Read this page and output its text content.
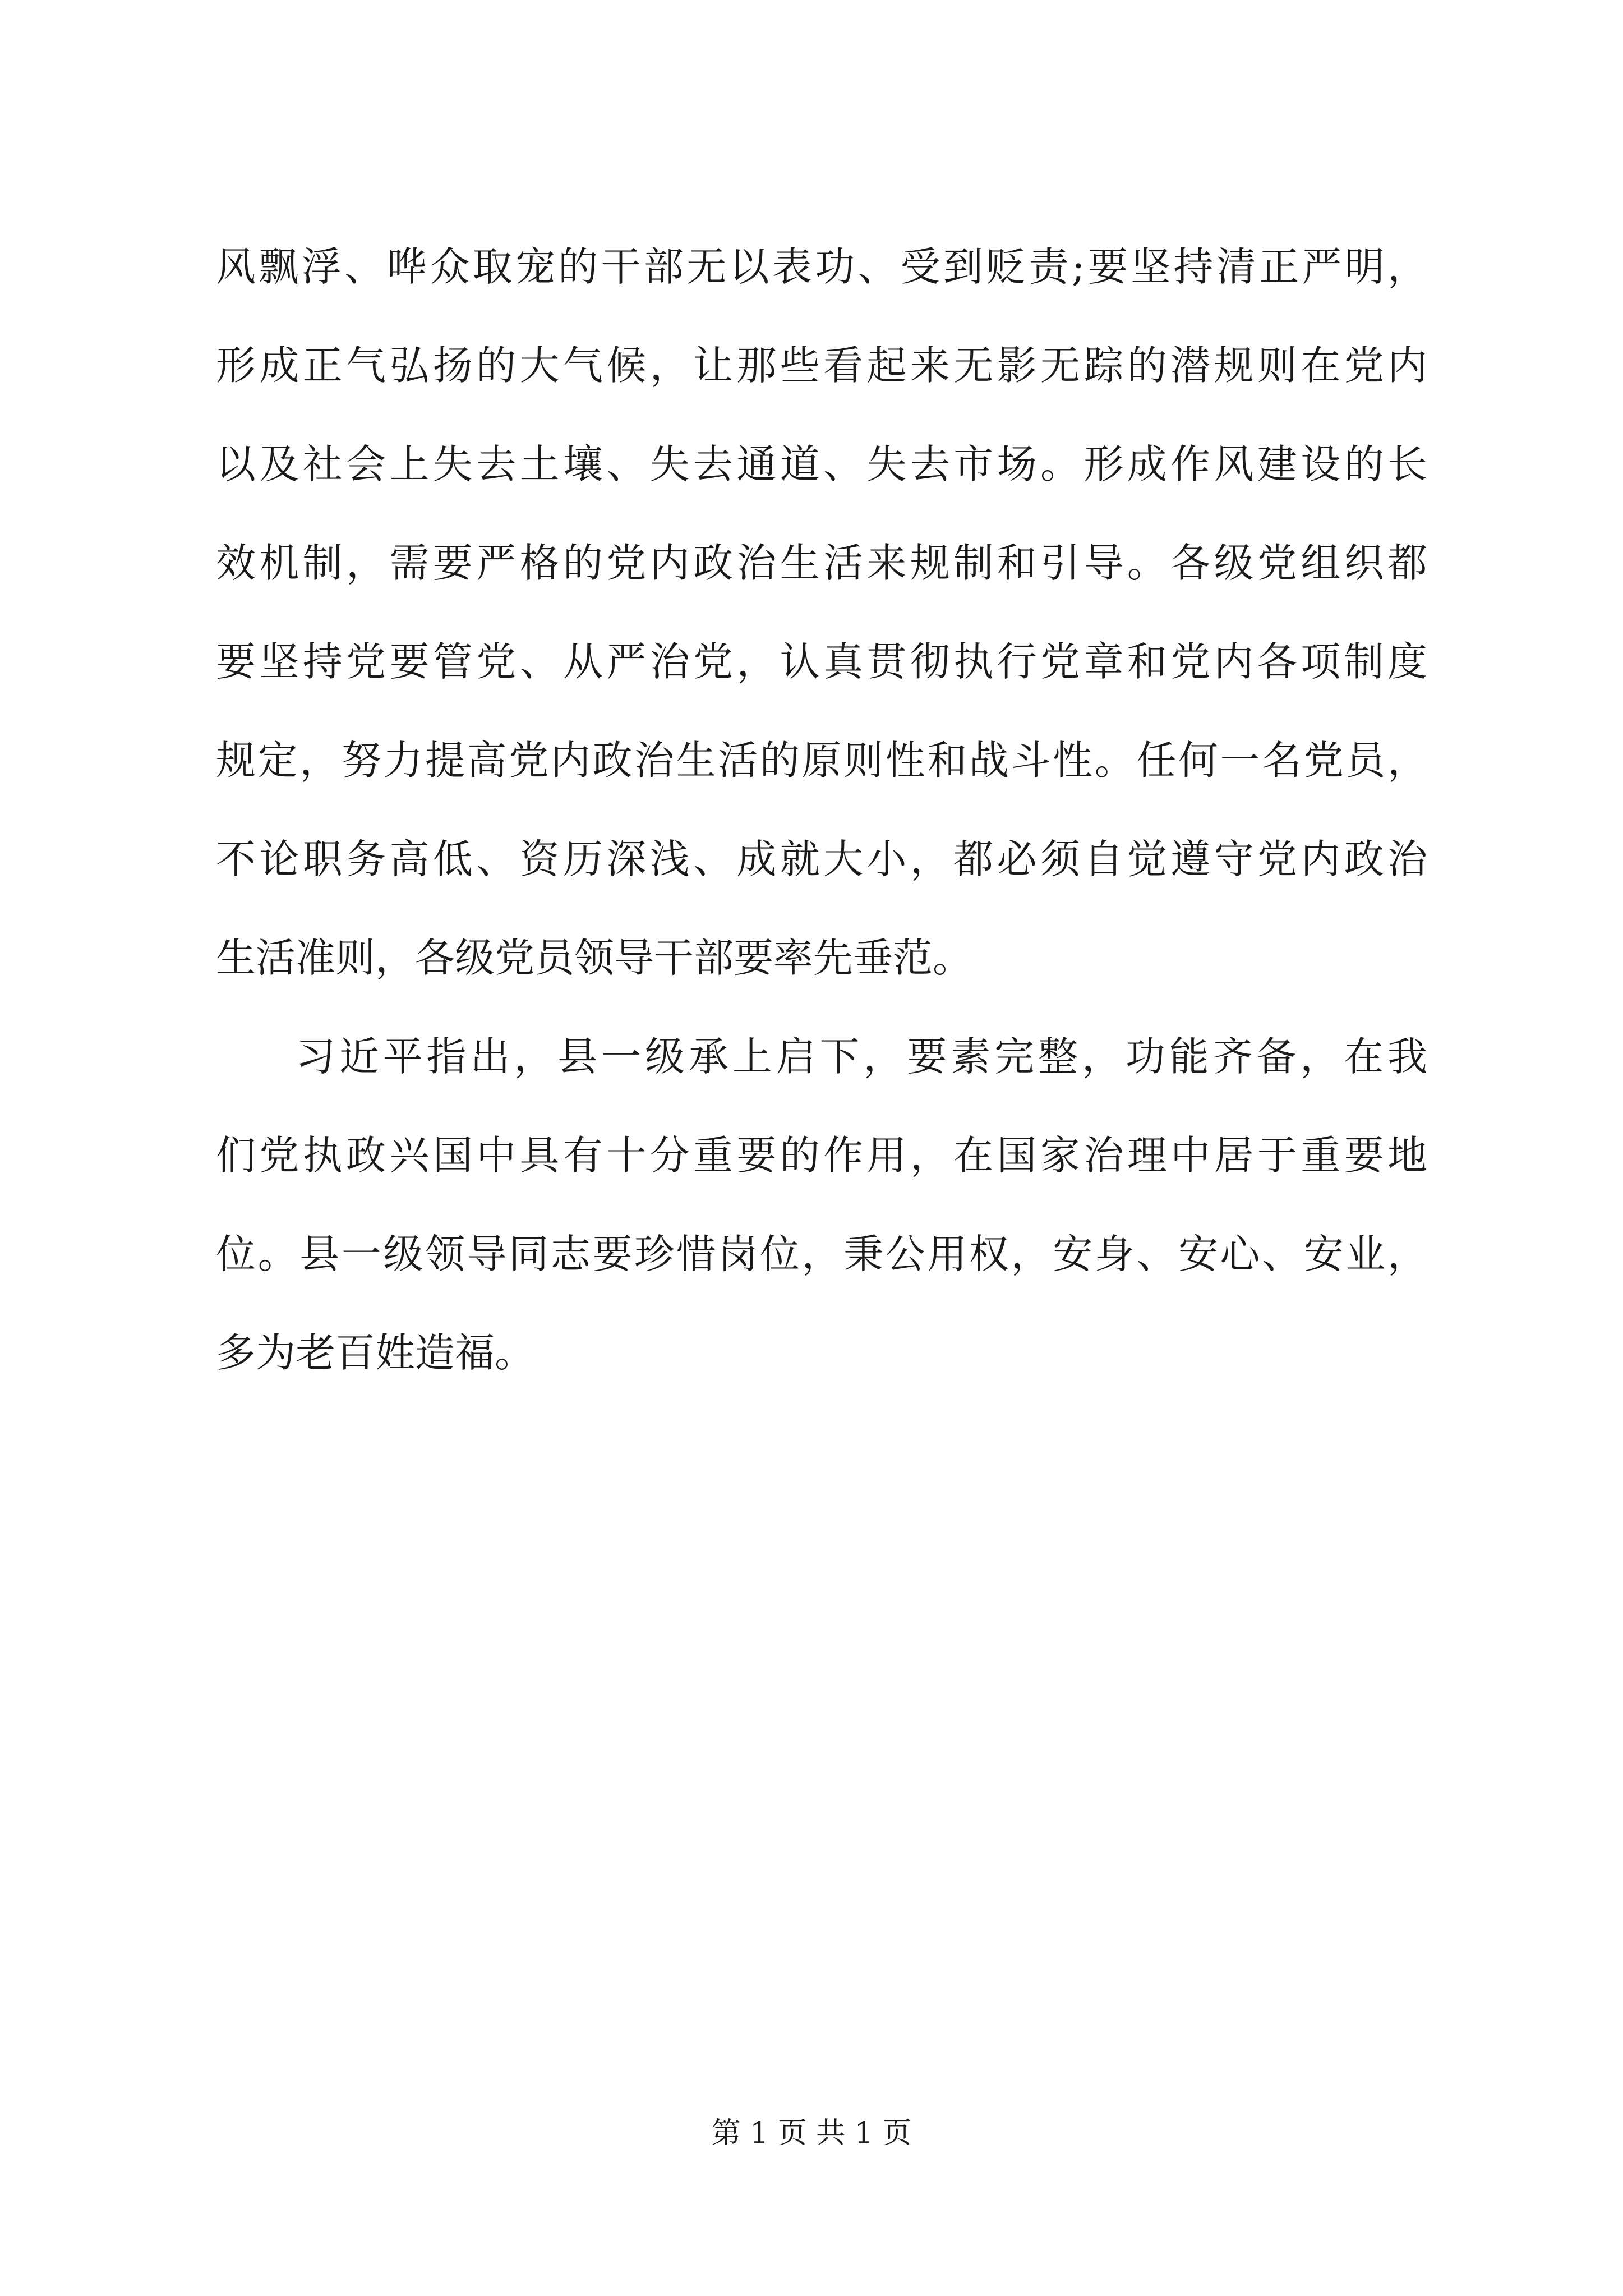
风飘浮、哗众取宠的干部无以表功、受到贬责;要坚持清正严明，
形成正气弘扬的大气候，让那些看起来无影无踪的潜规则在党内
以及社会上失去土壤、失去通道、失去市场。形成作风建设的长
效机制，需要严格的党内政治生活来规制和引导。各级党组织都
要坚持党要管党、从严治党，认真贯彻执行党章和党内各项制度
规定，努力提高党内政治生活的原则性和战斗性。任何一名党员，
不论职务高低、资历深浅、成就大小，都必须自觉遵守党内政治
生活准则，各级党员领导干部要率先垂范。
习近平指出，县一级承上启下，要素完整，功能齐备，在我
们党执政兴国中具有十分重要的作用，在国家治理中居于重要地
位。县一级领导同志要珍惜岗位，秉公用权，安身、安心、安业，
多为老百姓造福。
第 1 页 共 1 页
